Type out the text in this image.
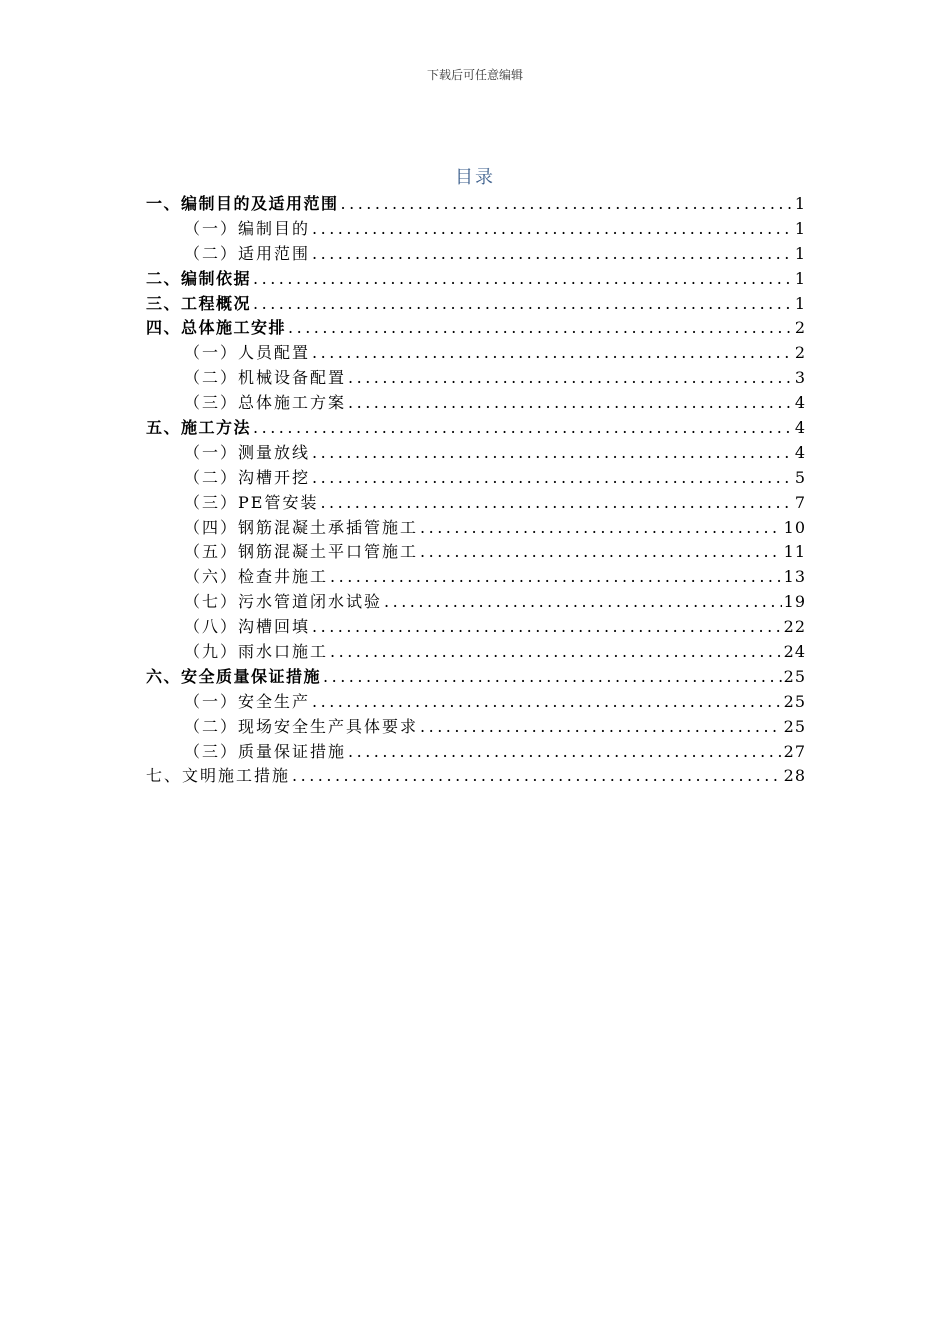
下载后可任意编辑
目录
一、编制目的及适用范围 .....	1
（一）编制目的 .....	1
（二）适用范围 .....	1
二、编制依据 .....	1
三、工程概况 .....	1
四、总体施工安排 .....	2
（一）人员配置 .....	2
（二）机械设备配置 .....	3
（三）总体施工方案 .....	4
五、施工方法 .....	4
（一）测量放线 .....	4
（二）沟槽开挖 .....	5
（三）PE管安装 .....	7
（四）钢筋混凝土承插管施工 .....	10
（五）钢筋混凝土平口管施工 .....	11
（六）检查井施工 .....	13
（七）污水管道闭水试验 .....	19
（八）沟槽回填 .....	22
（九）雨水口施工 .....	24
六、安全质量保证措施 .....	25
（一）安全生产 .....	25
（二）现场安全生产具体要求 .....	25
（三）质量保证措施 .....	27
七、文明施工措施 .....	28
